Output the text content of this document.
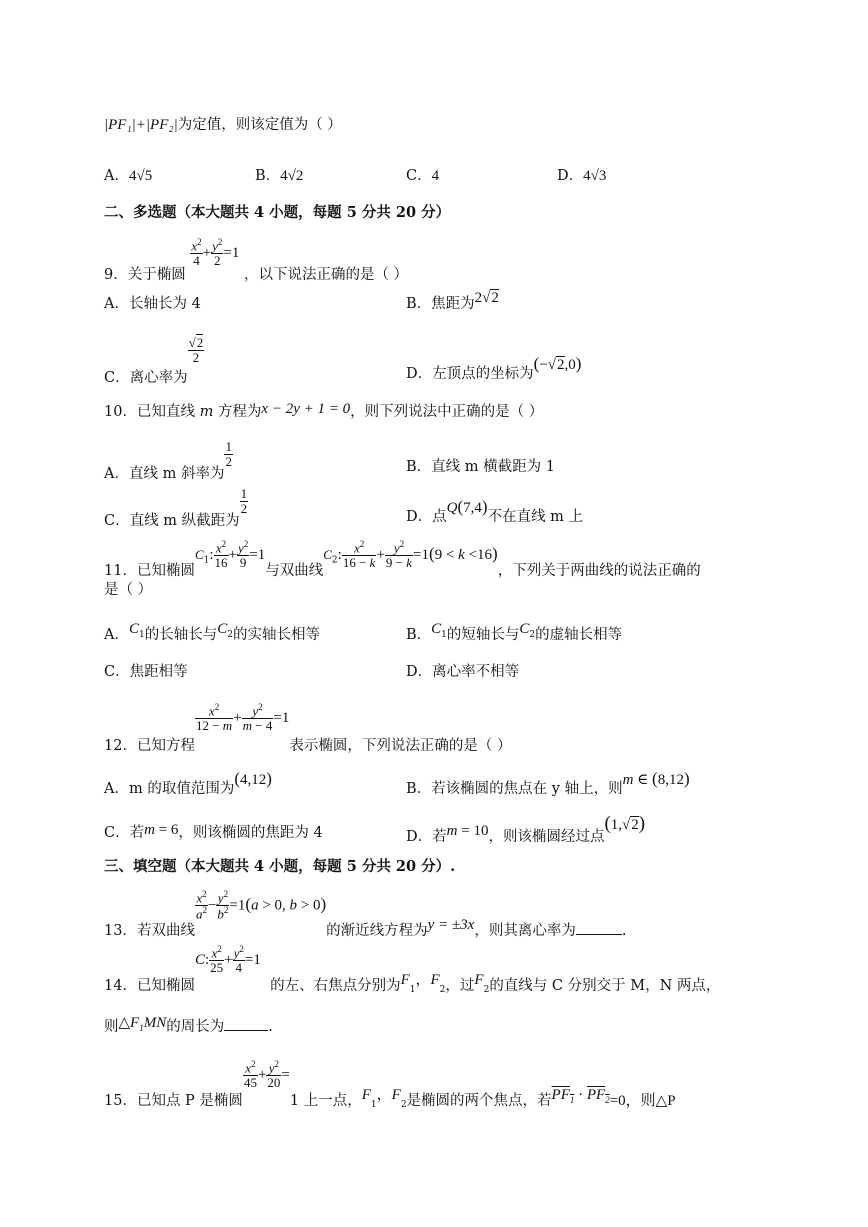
|PF₁|+|PF₂|为定值，则该定值为（ ）
A．4√5	B．4√2	C．4	D．4√3
二、多选题（本大题共 4 小题，每题 5 分共 20 分）
9．关于椭圆
$\frac{x^2}{4} + \frac{y^2}{2} =1$ ，以下说法正确的是（ ）
A．长轴长为 4	B．焦距为2√2
C．离心率为
$\frac{√2}{2}$
D．左顶点的坐标为(−√2,0)
10．已知直线 m 方程为x − 2y + 1 = 0，则下列说法中正确的是（ ）
A．直线 m 斜率为
$\frac{1}{2}$	B．直线 m 横截距为 1
C．直线 m 纵截距为
$\frac{1}{2}$
D．点Q(7,4)不在直线 m 上
11．已知椭圆$C_1$: $\frac{x^2}{16} + \frac{y^2}{9} =1$与双曲线$C_2$: $\frac{x^2}{16 - k} + \frac{y^2}{9 - k} =1(9 < k <16)$，下列关于两曲线的说法正确的
是（ ）
A．$C_1$的长轴长与$C_2$的实轴长相等	B．$C_1$的短轴长与$C_2$的虚轴长相等
C．焦距相等	D．离心率不相等
12．已知方程
$\frac{x^2}{12 - m} + \frac{y^2}{m - 4} =1$表示椭圆，下列说法正确的是（ ）
A．m 的取值范围为(4,12)
B．若该椭圆的焦点在 y 轴上，则m ∈ (8,12)
C．若m = 6，则该椭圆的焦距为 4	D．若m = 10，则该椭圆经过点(1,√2)
三、填空题（本大题共 4 小题，每题 5 分共 20 分）.
13．若双曲线
$\frac{x^2}{a^2} - \frac{y^2}{b^2} =1(a > 0$, b > 0)的渐近线方程为y = ±3x，则其离心率为	.
14．已知椭圆C: $\frac{x^2}{25} + \frac{y^2}{4} =1$  的左、右焦点分别为$F_1$，$F_2$，过$F_2$的直线与 C 分别交于 M，N 两点，
则$\triangle F_1MN$的周长为	.
15．已知点 P 是椭圆
$\frac{x^2}{45} + \frac{y^2}{20} =1$ 上一点，$F_1$，$F_2$是椭圆的两个焦点，若$PF_1 \cdot PF_2=0$，则△P
